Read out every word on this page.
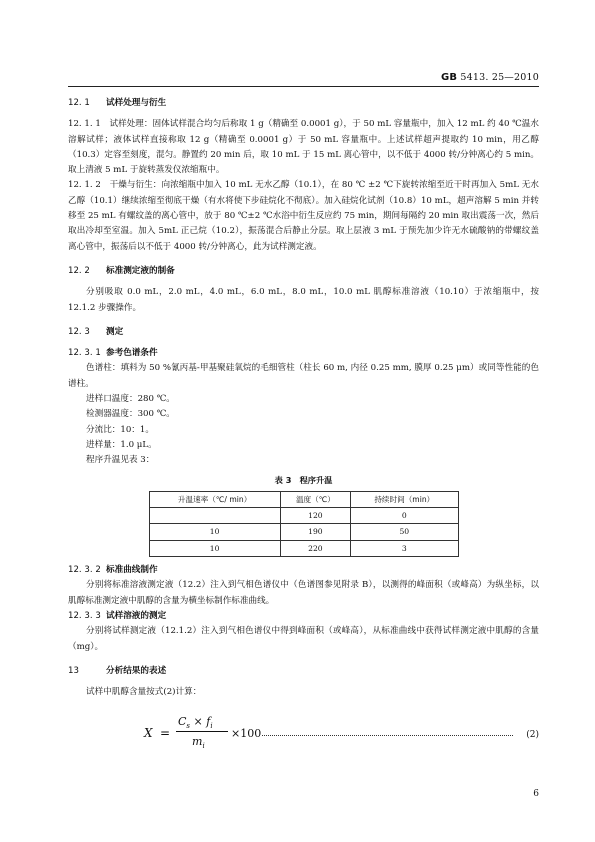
GB 5413. 25—2010
12. 1 试样处理与衍生

12. 1. 1　试样处理：固体试样混合均匀后称取 1 g（精确至 0.0001 g），于 50 mL 容量瓶中，加入 12 mL 约 40 ℃温水溶解试样；液体试样直接称取 12 g（精确至 0.0001 g）于 50 mL 容量瓶中。上述试样超声提取约 10 min，用乙醇（10.3）定容至刻度，混匀。静置约 20 min 后，取 10 mL 于 15 mL 离心管中，以不低于 4000 转/分钟离心约 5 min。取上清液 5 mL 于旋转蒸发仪浓缩瓶中。

12. 1. 2　干燥与衍生：向浓缩瓶中加入 10 mL 无水乙醇（10.1），在 80 ℃ ±2 ℃下旋转浓缩至近干时再加入 5mL 无水乙醇（10.1）继续浓缩至彻底干燥（有水将使下步硅烷化不彻底）。加入硅烷化试剂（10.8）10 mL，超声溶解 5 min 并转移至 25 mL 有螺纹盖的离心管中，放于 80 ℃±2 ℃水浴中衍生反应约 75 min，期间每隔约 20 min 取出震荡一次，然后取出冷却至室温。加入 5mL 正己烷（10.2），振荡混合后静止分层。取上层液 3 mL 于预先加少许无水硫酸钠的带螺纹盖离心管中，振荡后以不低于 4000 转/分钟离心，此为试样测定液。

12. 2 标准测定液的制备

分别吸取 0.0 mL，2.0 mL，4.0 mL，6.0 mL，8.0 mL，10.0 mL 肌醇标准溶液（10.10）于浓缩瓶中，按 12.1.2 步骤操作。

12. 3 测定
12. 3. 1 参考色谱条件

色谱柱：填料为 50 %氰丙基-甲基聚硅氧烷的毛细管柱（柱长 60 m, 内径 0.25 mm, 膜厚 0.25 μm）或同等性能的色谱柱。

进样口温度：280 ℃。

检测器温度：300 ℃。

分流比：10：1。

进样量：1.0 μL。

程序升温见表 3：

表 3　程序升温
升温速率（℃/ min）	温度（℃）	持续时间（min）
	120	0
10	190	50
10	220	3
12. 3. 2 标准曲线制作

分别将标准溶液测定液（12.2）注入到气相色谱仪中（色谱图参见附录 B），以测得的峰面积（或峰高）为纵坐标，以肌醇标准测定液中肌醇的含量为横坐标制作标准曲线。

12. 3. 3 试样溶液的测定

分别将试样测定液（12.1.2）注入到气相色谱仪中得到峰面积（或峰高），从标准曲线中获得试样测定液中肌醇的含量（mg）。

13	分析结果的表述

试样中肌醇含量按式(2)计算：

X =
$C_s \times f_i$
$m_i$
×100	(2)
6
